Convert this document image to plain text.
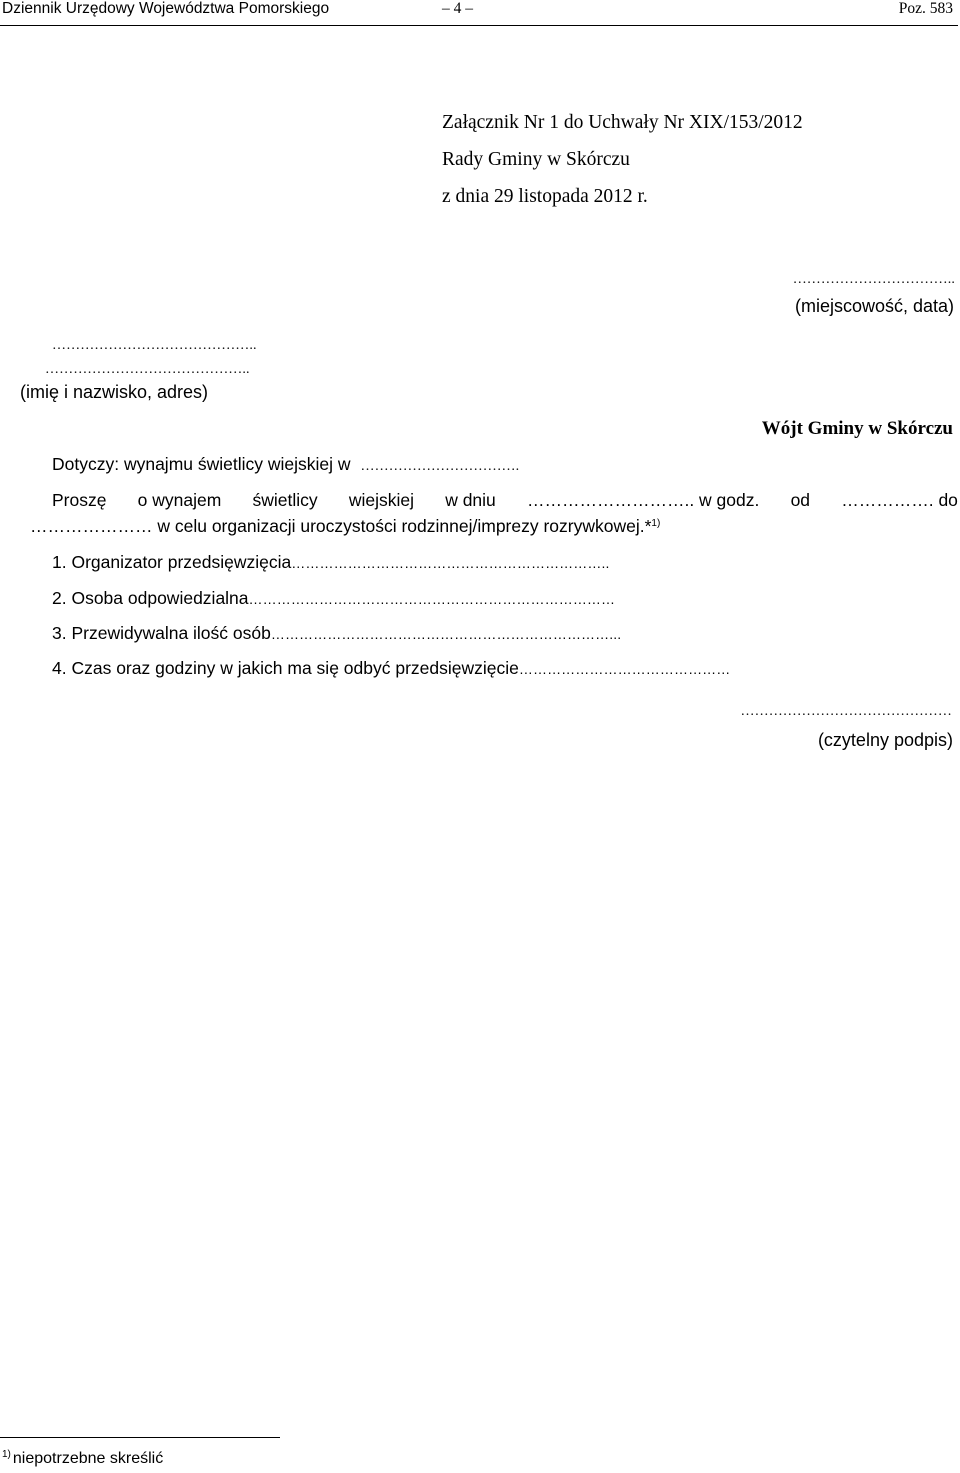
Dziennik Urzędowy Województwa Pomorskiego	– 4 –	Poz. 583
Załącznik Nr 1 do Uchwały Nr XIX/153/2012
Rady Gminy w Skórczu
z dnia 29 listopada 2012 r.
……………………………..
(miejscowość, data)
……………………………………..
……………………………………..
(imię i nazwisko, adres)
Wójt Gminy w Skórczu
Dotyczy: wynajmu świetlicy wiejskiej w …………………………….
Proszę o wynajem świetlicy wiejskiej w dniu ……………………….. w godz. od ……………. do
………………… w celu organizacji uroczystości rodzinnej/imprezy rozrywkowej.*$^{1)}$
1. Organizator przedsięwzięcia…………………………………………………………..
2. Osoba odpowiedzialna……………………………………………………………………
3. Przewidywalna ilość osób………………………………………………………………...
4. Czas oraz godziny w jakich ma się odbyć przedsięwzięcie………………………………………
………………………………………
(czytelny podpis)
$^{1)}$ niepotrzebne skreślić
